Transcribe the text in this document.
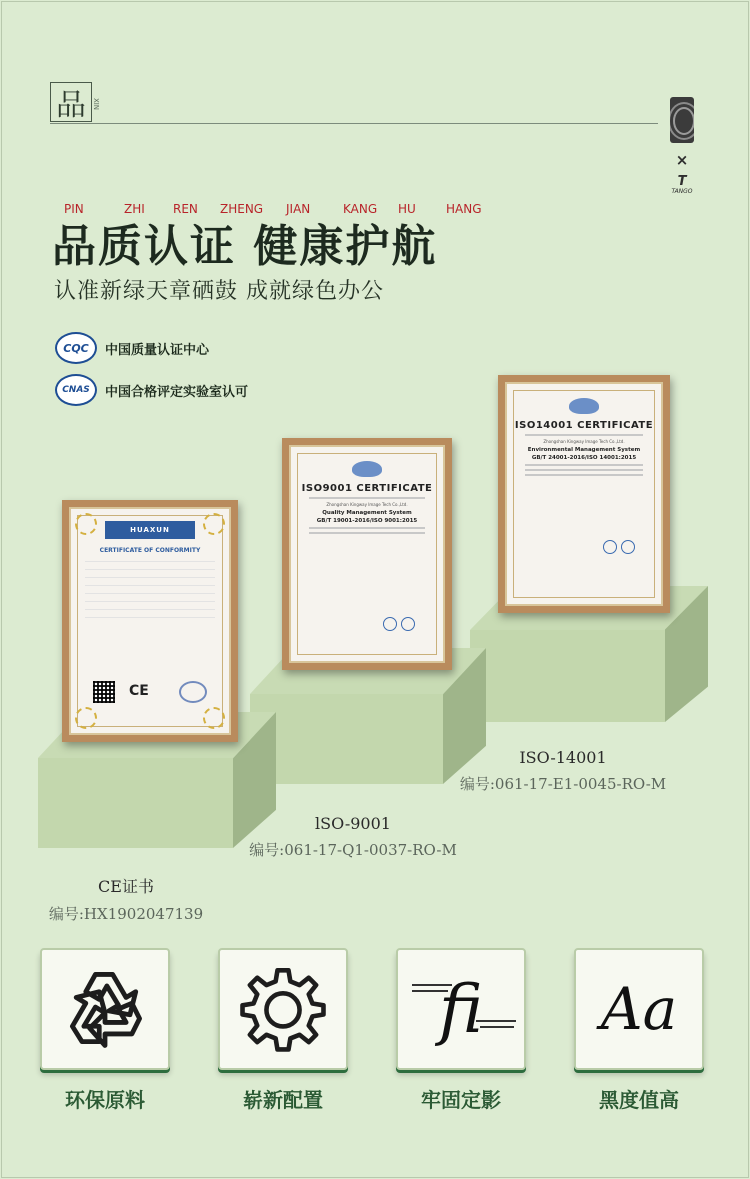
品 XIN
×
T
TANGO
PIN	ZHI REN ZHENG JIAN	KANG HU	HANG
品质认证 健康护航
认准新绿天章硒鼓 成就绿色办公
CQC	中国质量认证中心
CNAS	中国合格评定实验室认可
ISO14001 CERTIFICATE
Zhongshan Kingway Image Tech Co.,Ltd.
Environmental Management System
GB/T 24001-2016/ISO 14001:2015
ISO9001 CERTIFICATE
Zhongshan Kingway Image Tech Co.,Ltd.
Quality Management System
GB/T 19001-2016/ISO 9001:2015
HUAXUN
CERTIFICATE OF CONFORMITY

CE
ISO-14001
编号:061-17-E1-0045-RO-M
lSO-9001
编号:061-17-Q1-0037-RO-M
CE证书
编号:HX1902047139
环保原料	崭新配置
fi
牢固定影
Aa
黑度值高
